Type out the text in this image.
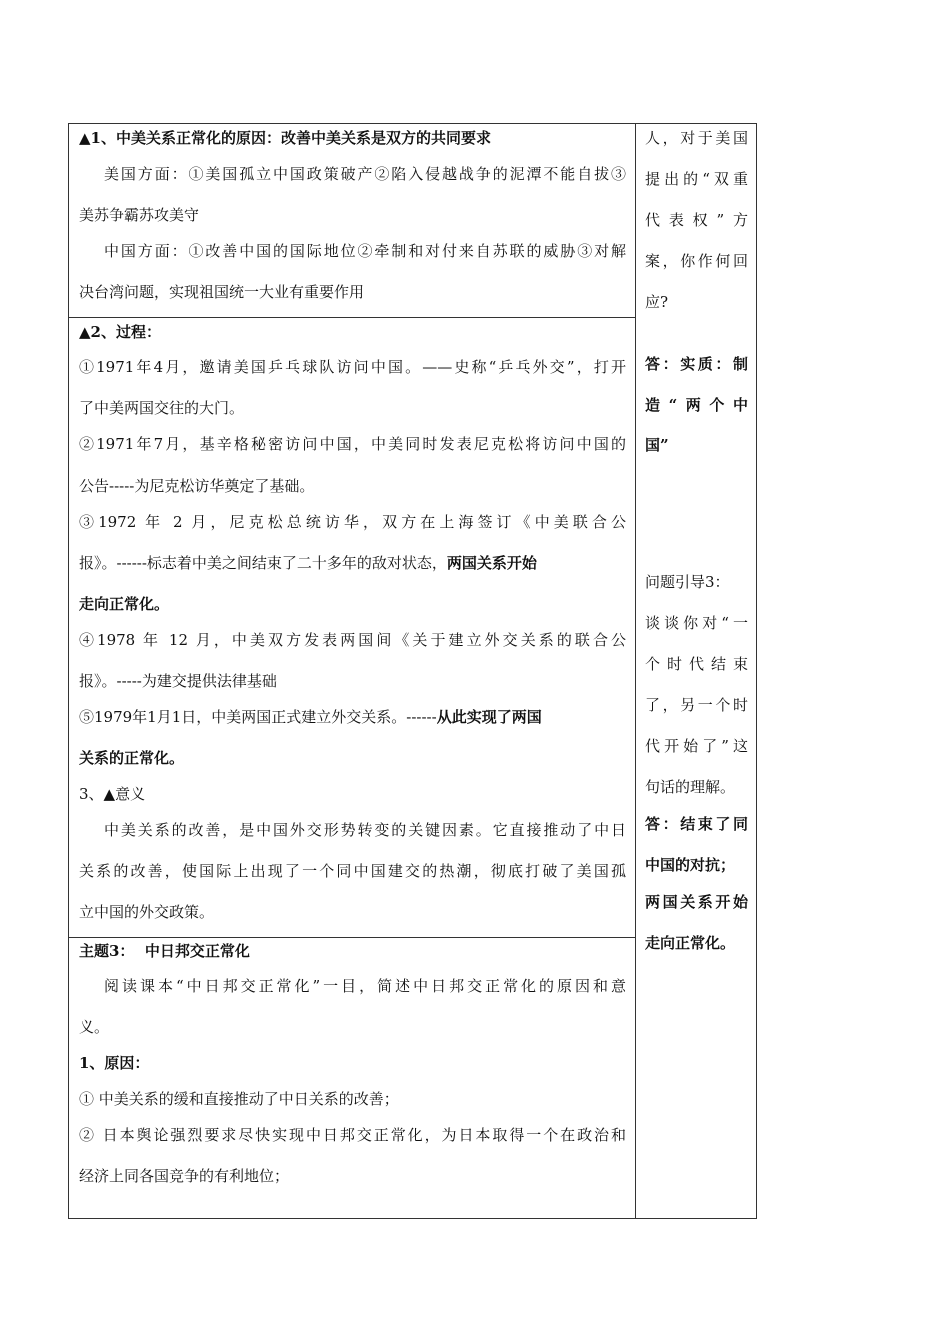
▲1、中美关系正常化的原因：改善中美关系是双方的共同要求
美国方面：①美国孤立中国政策破产②陷入侵越战争的泥潭不能自拔③
美苏争霸苏攻美守
中国方面：①改善中国的国际地位②牵制和对付来自苏联的威胁③对解
决台湾问题，实现祖国统一大业有重要作用
▲2、过程：
①1971年4月，邀请美国乒乓球队访问中国。——史称“乒乓外交”，打开
了中美两国交往的大门。
②1971年7月，基辛格秘密访问中国，中美同时发表尼克松将访问中国的
公告-----为尼克松访华奠定了基础。
③1972 年 2 月，尼克松总统访华，双方在上海签订《中美联合公
报》。------标志着中美之间结束了二十多年的敌对状态，两国关系开始
走向正常化。
④1978 年 12 月，中美双方发表两国间《关于建立外交关系的联合公
报》。-----为建交提供法律基础
⑤1979年1月1日，中美两国正式建立外交关系。------从此实现了两国
关系的正常化。
3、▲意义
中美关系的改善，是中国外交形势转变的关键因素。它直接推动了中日
关系的改善，使国际上出现了一个同中国建交的热潮，彻底打破了美国孤
立中国的外交政策。
主题3：  中日邦交正常化
阅读课本“中日邦交正常化”一目，简述中日邦交正常化的原因和意
义。
1、原因：
① 中美关系的缓和直接推动了中日关系的改善；
② 日本舆论强烈要求尽快实现中日邦交正常化，为日本取得一个在政治和
经济上同各国竞争的有利地位；
人，对于美国
提出的“双重
代表权”方
案，你作何回
应?
答：实质：制
造“两个中
国”
问题引导3：
谈谈你对“一
个时代结束
了，另一个时
代开始了”这
句话的理解。
答：结束了同
中国的对抗；
两国关系开始
走向正常化。
